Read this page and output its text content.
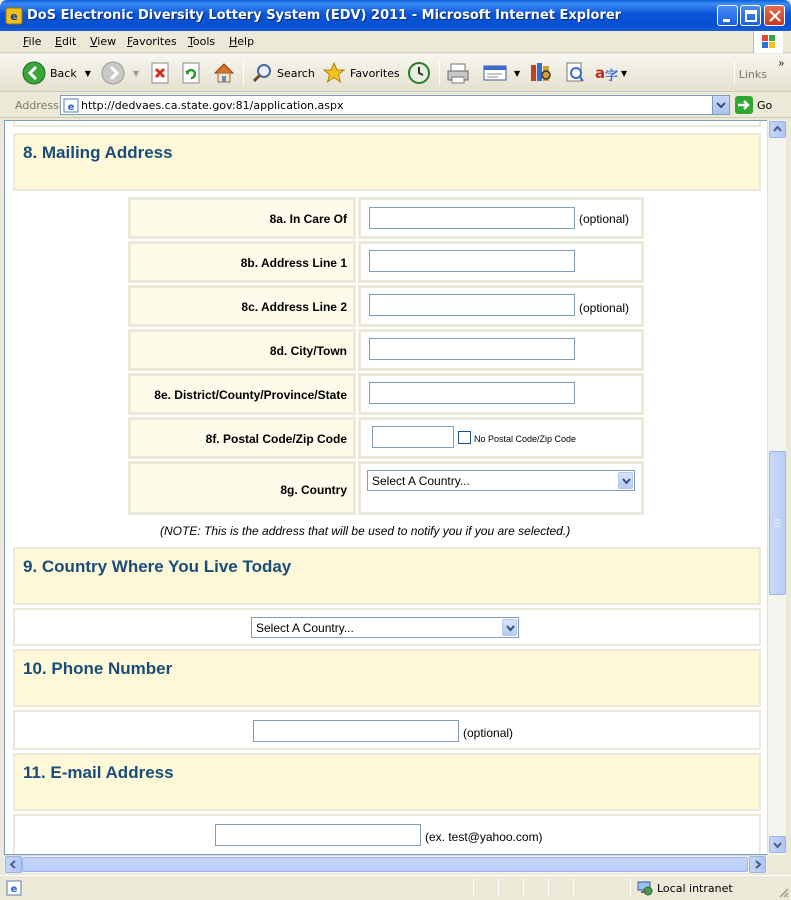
e DoS Electronic Diversity Lottery System (EDV) 2011 - Microsoft Internet Explorer
File Edit View Favorites Tools Help
Back ▼	▼	Search	Favorites	▼	a 字 ▼	Links
»
Address e http://dedvaes.ca.state.gov:81/application.aspx	Go
8. Mailing Address
8a. In Care Of	(optional)
8b. Address Line 1
8c. Address Line 2	(optional)
8d. City/Town
8e. District/County/Province/State
8f. Postal Code/Zip Code	No Postal Code/Zip Code
8g. Country
Select A Country...
(NOTE: This is the address that will be used to notify you if you are selected.)
9. Country Where You Live Today
Select A Country...
10. Phone Number
(optional)
11. E-mail Address
(ex. test@yahoo.com)
e	Local intranet
